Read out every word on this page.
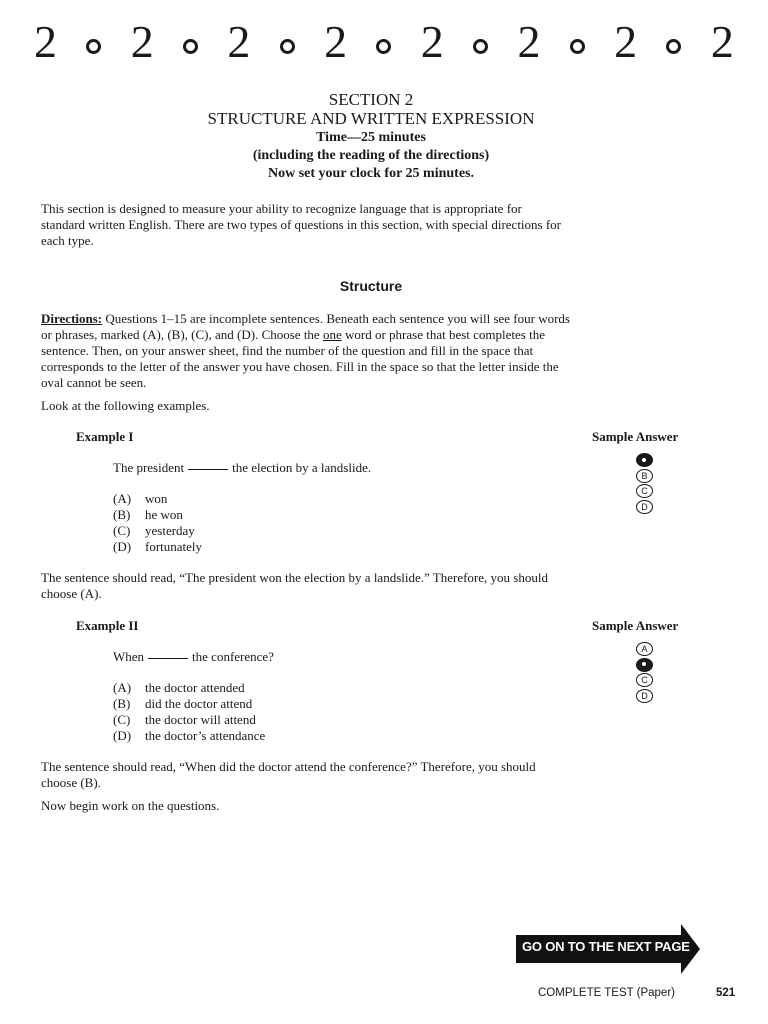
2 2 2 2 2 2 2 2
SECTION 2
STRUCTURE AND WRITTEN EXPRESSION
Time—25 minutes
(including the reading of the directions)
Now set your clock for 25 minutes.
This section is designed to measure your ability to recognize language that is appropriate for
standard written English. There are two types of questions in this section, with special directions for
each type.
Structure
Directions: Questions 1–15 are incomplete sentences. Beneath each sentence you will see four words
or phrases, marked (A), (B), (C), and (D). Choose the one word or phrase that best completes the
sentence. Then, on your answer sheet, find the number of the question and fill in the space that
corresponds to the letter of the answer you have chosen. Fill in the space so that the letter inside the
oval cannot be seen.
Look at the following examples.
Example I	Sample Answer
The president	the election by a landslide.
(A)	won
(B)	he won
(C)	yesterday
(D)	fortunately
B
C
D
The sentence should read, “The president won the election by a landslide.” Therefore, you should
choose (A).
Example II	Sample Answer
When	the conference?
(A)	the doctor attended
(B)	did the doctor attend
(C)	the doctor will attend
(D)	the doctor’s attendance
A
C
D
The sentence should read, “When did the doctor attend the conference?” Therefore, you should
choose (B).
Now begin work on the questions.
GO ON TO THE NEXT PAGE
COMPLETE TEST (Paper)	521
